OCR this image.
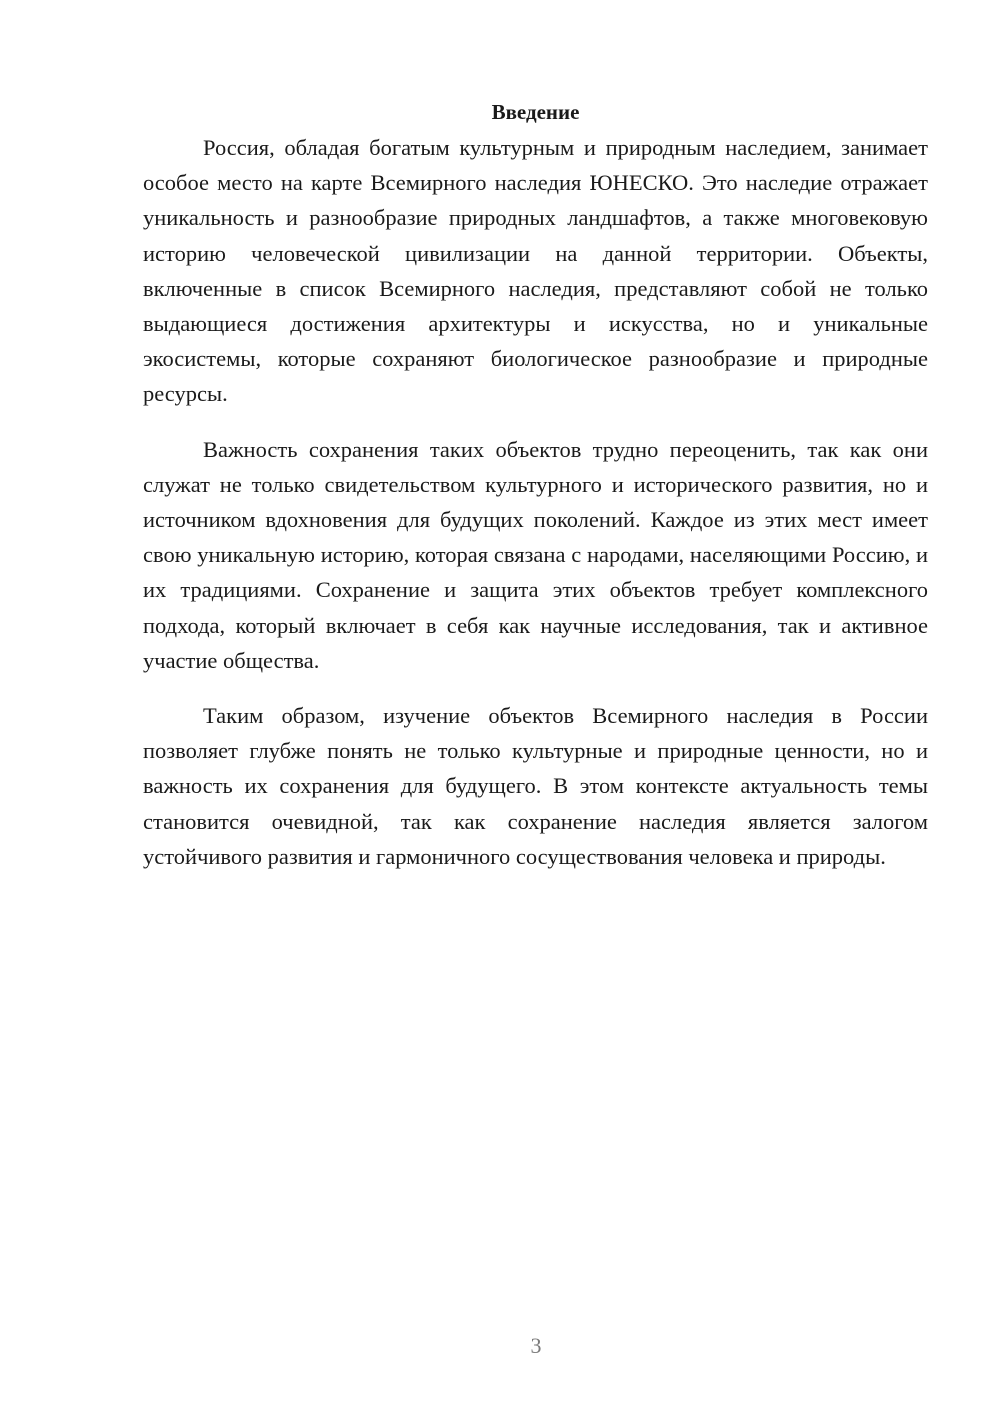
Введение

Россия, обладая богатым культурным и природным наследием, занимает особое место на карте Всемирного наследия ЮНЕСКО. Это наследие отражает уникальность и разнообразие природных ландшафтов, а также многовековую историю человеческой цивилизации на данной территории. Объекты, включенные в список Всемирного наследия, представляют собой не только выдающиеся достижения архитектуры и искусства, но и уникальные экосистемы, которые сохраняют биологическое разнообразие и природные ресурсы.

Важность сохранения таких объектов трудно переоценить, так как они служат не только свидетельством культурного и исторического развития, но и источником вдохновения для будущих поколений. Каждое из этих мест имеет свою уникальную историю, которая связана с народами, населяющими Россию, и их традициями. Сохранение и защита этих объектов требует комплексного подхода, который включает в себя как научные исследования, так и активное участие общества.

Таким образом, изучение объектов Всемирного наследия в России позволяет глубже понять не только культурные и природные ценности, но и важность их сохранения для будущего. В этом контексте актуальность темы становится очевидной, так как сохранение наследия является залогом устойчивого развития и гармоничного сосуществования человека и природы.

3
